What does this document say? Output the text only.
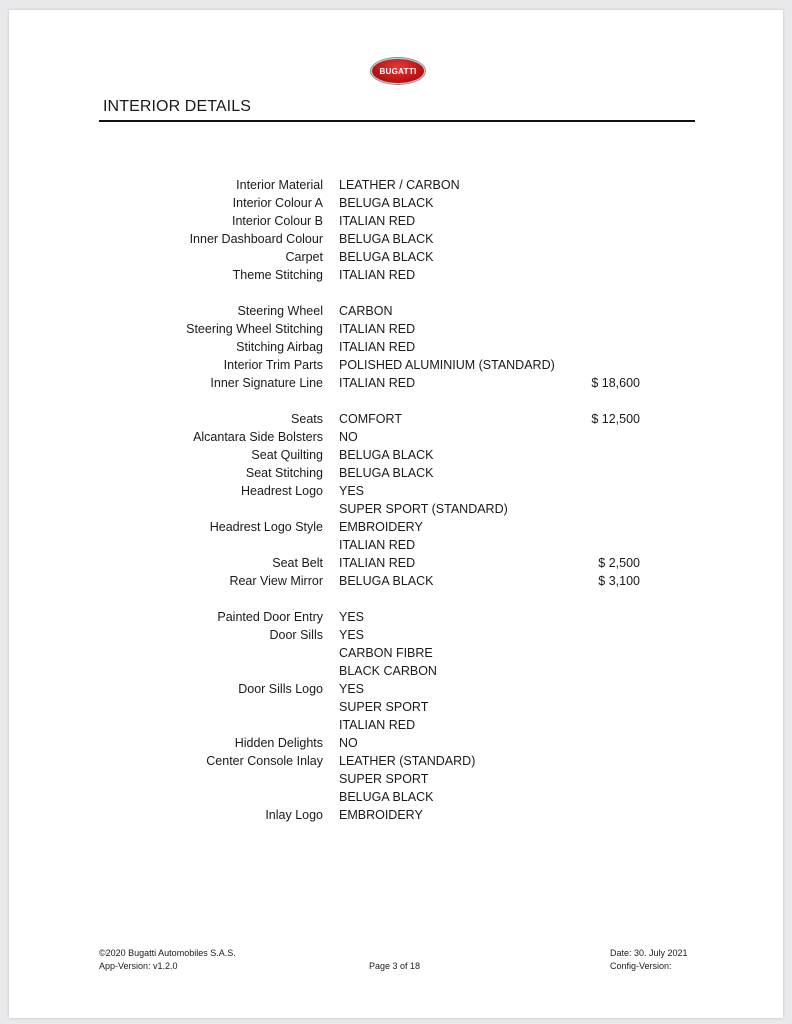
BUGATTI
INTERIOR DETAILS
Interior Material LEATHER / CARBON
Interior Colour A BELUGA BLACK
Interior Colour B ITALIAN RED
Inner Dashboard Colour BELUGA BLACK
Carpet BELUGA BLACK
Theme Stitching ITALIAN RED
Steering Wheel CARBON
Steering Wheel Stitching ITALIAN RED
Stitching Airbag ITALIAN RED
Interior Trim Parts POLISHED ALUMINIUM (STANDARD)
Inner Signature Line ITALIAN RED	$ 18,600
Seats COMFORT	$ 12,500
Alcantara Side Bolsters NO
Seat Quilting BELUGA BLACK
Seat Stitching BELUGA BLACK
Headrest Logo YES
SUPER SPORT (STANDARD)
Headrest Logo Style EMBROIDERY
ITALIAN RED
Seat Belt ITALIAN RED	$ 2,500
Rear View Mirror BELUGA BLACK	$ 3,100
Painted Door Entry YES
Door Sills YES
CARBON FIBRE
BLACK CARBON
Door Sills Logo YES
SUPER SPORT
ITALIAN RED
Hidden Delights NO
Center Console Inlay LEATHER (STANDARD)
SUPER SPORT
BELUGA BLACK
Inlay Logo EMBROIDERY
©2020 Bugatti Automobiles S.A.S.
App-Version: v1.2.0	Page 3 of 18
Date: 30. July 2021
Config-Version:
